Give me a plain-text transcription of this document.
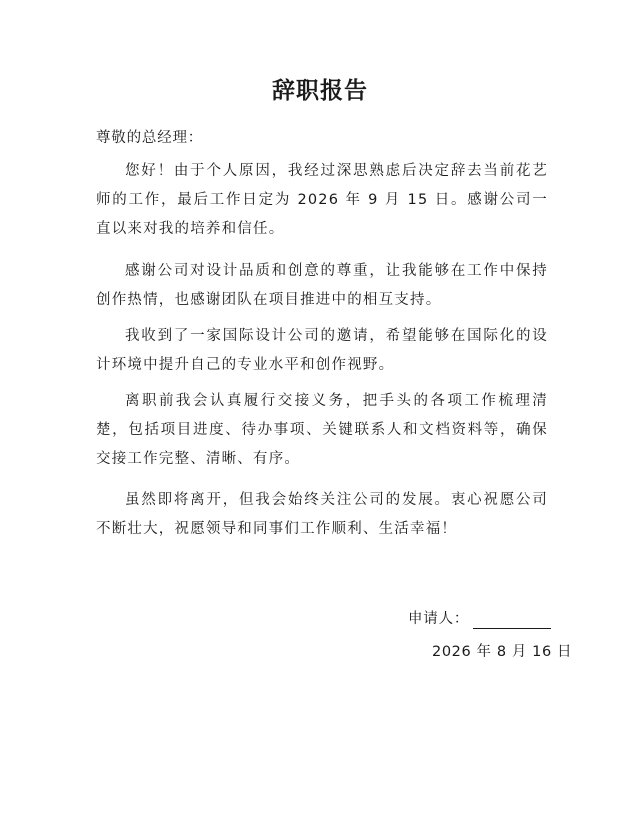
辞职报告
尊敬的总经理：

您好！由于个人原因，我经过深思熟虑后决定辞去当前花艺师的工作，最后工作日定为 2026 年 9 月 15 日。感谢公司一直以来对我的培养和信任。

感谢公司对设计品质和创意的尊重，让我能够在工作中保持创作热情，也感谢团队在项目推进中的相互支持。

我收到了一家国际设计公司的邀请，希望能够在国际化的设计环境中提升自己的专业水平和创作视野。

离职前我会认真履行交接义务，把手头的各项工作梳理清楚，包括项目进度、待办事项、关键联系人和文档资料等，确保交接工作完整、清晰、有序。

虽然即将离开，但我会始终关注公司的发展。衷心祝愿公司不断壮大，祝愿领导和同事们工作顺利、生活幸福！

申请人：
2026 年 8 月 16 日
